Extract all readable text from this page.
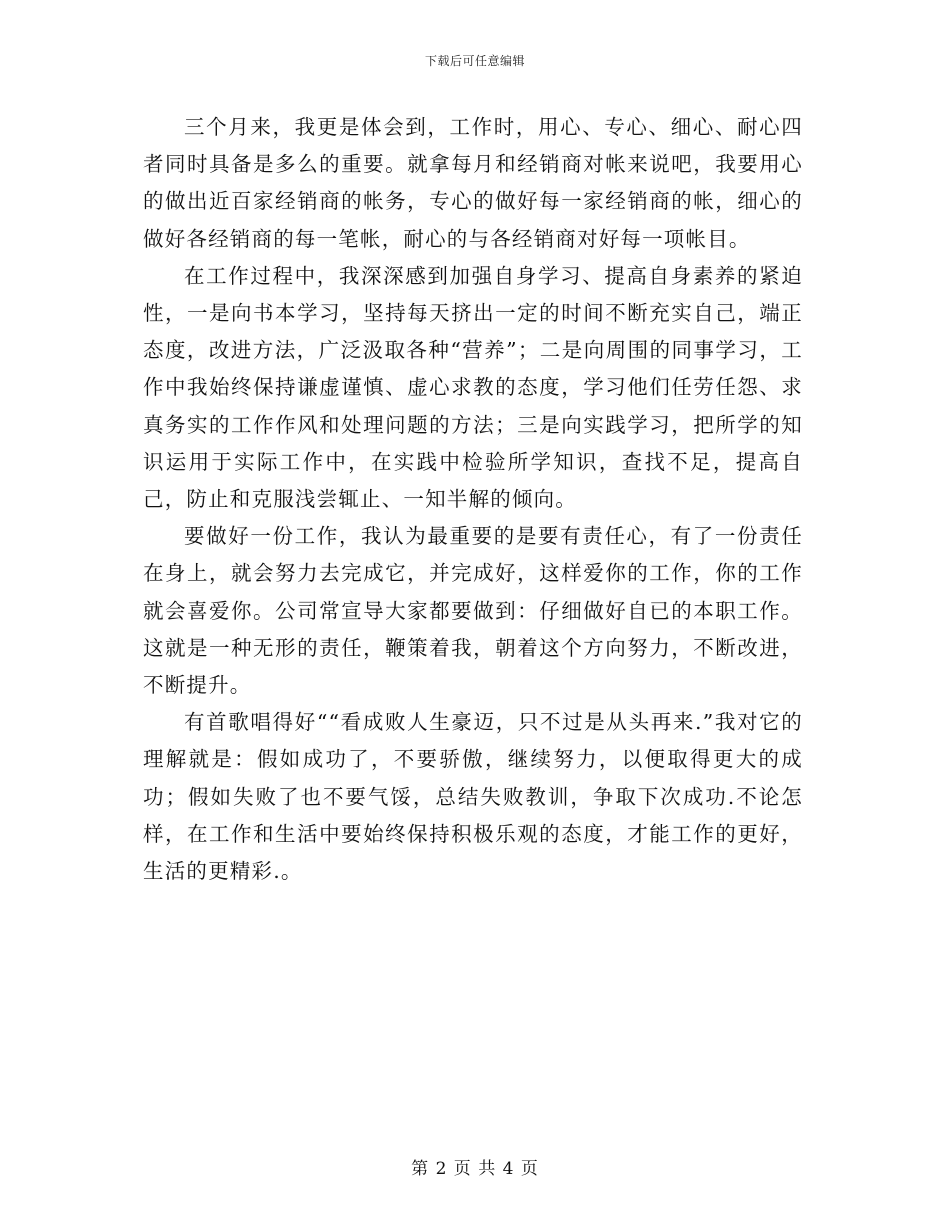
下载后可任意编辑

三个月来，我更是体会到，工作时，用心、专心、细心、耐心四者同时具备是多么的重要。就拿每月和经销商对帐来说吧，我要用心的做出近百家经销商的帐务，专心的做好每一家经销商的帐，细心的做好各经销商的每一笔帐，耐心的与各经销商对好每一项帐目。

在工作过程中，我深深感到加强自身学习、提高自身素养的紧迫性，一是向书本学习，坚持每天挤出一定的时间不断充实自己，端正态度，改进方法，广泛汲取各种“营养”；二是向周围的同事学习，工作中我始终保持谦虚谨慎、虚心求教的态度，学习他们任劳任怨、求真务实的工作作风和处理问题的方法；三是向实践学习，把所学的知识运用于实际工作中，在实践中检验所学知识，查找不足，提高自己，防止和克服浅尝辄止、一知半解的倾向。

要做好一份工作，我认为最重要的是要有责任心，有了一份责任在身上，就会努力去完成它，并完成好，这样爱你的工作，你的工作就会喜爱你。公司常宣导大家都要做到：仔细做好自已的本职工作。这就是一种无形的责任，鞭策着我，朝着这个方向努力，不断改进，不断提升。

有首歌唱得好““看成败人生豪迈，只不过是从头再来.”我对它的理解就是：假如成功了，不要骄傲，继续努力，以便取得更大的成功；假如失败了也不要气馁，总结失败教训，争取下次成功.不论怎样，在工作和生活中要始终保持积极乐观的态度，才能工作的更好，生活的更精彩.。

第 2 页 共 4 页
